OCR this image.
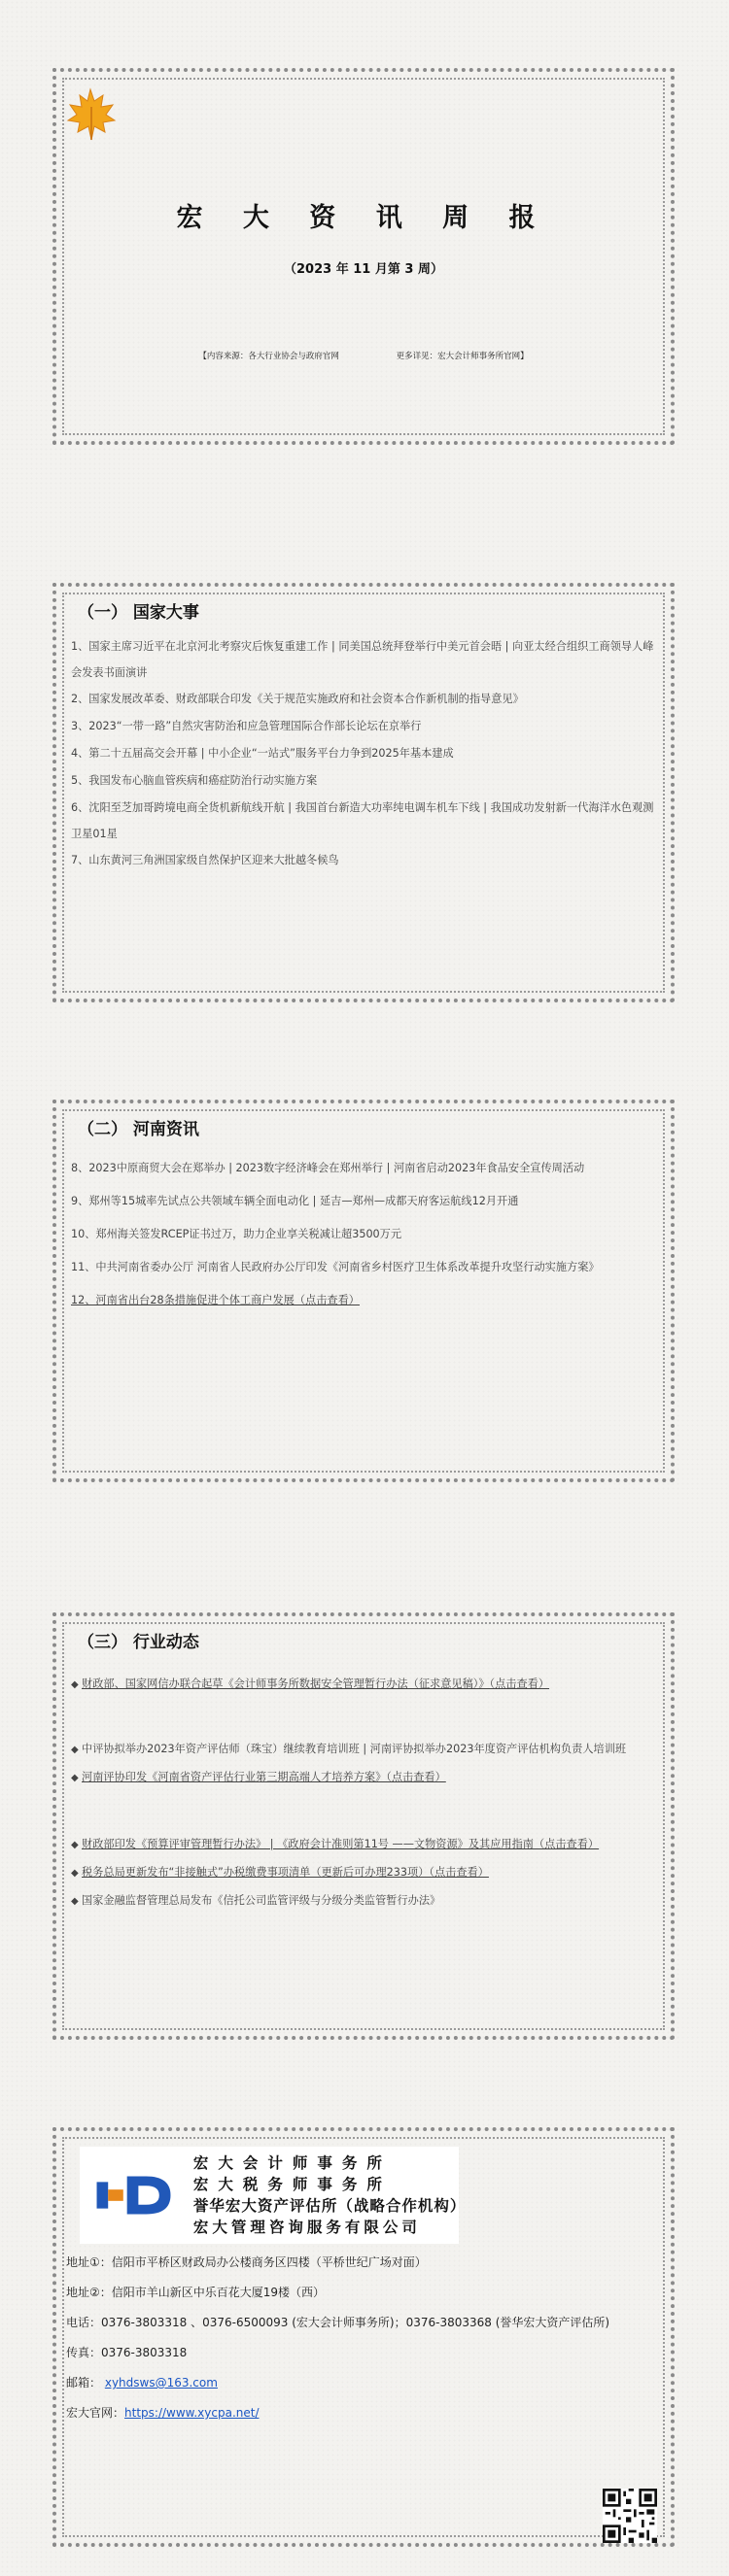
宏 大 资 讯 周 报
（2023 年 11 月第 3 周）
【内容来源：各大行业协会与政府官网	更多详见：宏大会计师事务所官网】
（一） 国家大事
1、国家主席习近平在北京河北考察灾后恢复重建工作 | 同美国总统拜登举行中美元首会晤 | 向亚太经合组织工商领导人峰会发表书面演讲
2、国家发展改革委、财政部联合印发《关于规范实施政府和社会资本合作新机制的指导意见》
3、2023“一带一路”自然灾害防治和应急管理国际合作部长论坛在京举行
4、第二十五届高交会开幕 | 中小企业“一站式”服务平台力争到2025年基本建成
5、我国发布心脑血管疾病和癌症防治行动实施方案
6、沈阳至芝加哥跨境电商全货机新航线开航 | 我国首台新造大功率纯电调车机车下线 | 我国成功发射新一代海洋水色观测卫星01星
7、山东黄河三角洲国家级自然保护区迎来大批越冬候鸟
（二） 河南资讯
8、2023中原商贸大会在郑举办 | 2023数字经济峰会在郑州举行 | 河南省启动2023年食品安全宣传周活动
9、郑州等15城率先试点公共领域车辆全面电动化 | 延吉—郑州—成都天府客运航线12月开通
10、郑州海关签发RCEP证书过万，助力企业享关税减让超3500万元
11、中共河南省委办公厅 河南省人民政府办公厅印发《河南省乡村医疗卫生体系改革提升攻坚行动实施方案》
12、河南省出台28条措施促进个体工商户发展（点击查看）
（三） 行业动态
◆ 财政部、国家网信办联合起草《会计师事务所数据安全管理暂行办法（征求意见稿）》（点击查看）
◆ 中评协拟举办2023年资产评估师（珠宝）继续教育培训班 | 河南评协拟举办2023年度资产评估机构负责人培训班
◆ 河南评协印发《河南省资产评估行业第三期高端人才培养方案》（点击查看）
◆ 财政部印发《预算评审管理暂行办法》 | 《政府会计准则第11号 ——文物资源》及其应用指南（点击查看）
◆ 税务总局更新发布“非接触式”办税缴费事项清单（更新后可办理233项）（点击查看）
◆ 国家金融监督管理总局发布《信托公司监管评级与分级分类监管暂行办法》
宏大会计师事务所
宏大税务师事务所
誉华宏大资产评估所（战略合作机构）
宏大管理咨询服务有限公司
地址①：信阳市平桥区财政局办公楼商务区四楼（平桥世纪广场对面）
地址②：信阳市羊山新区中乐百花大厦19楼（西）
电话：0376-3803318 、0376-6500093 (宏大会计师事务所)；0376-3803368 (誉华宏大资产评估所)
传真：0376-3803318
邮箱： xyhdsws@163.com
宏大官网：https://www.xycpa.net/
